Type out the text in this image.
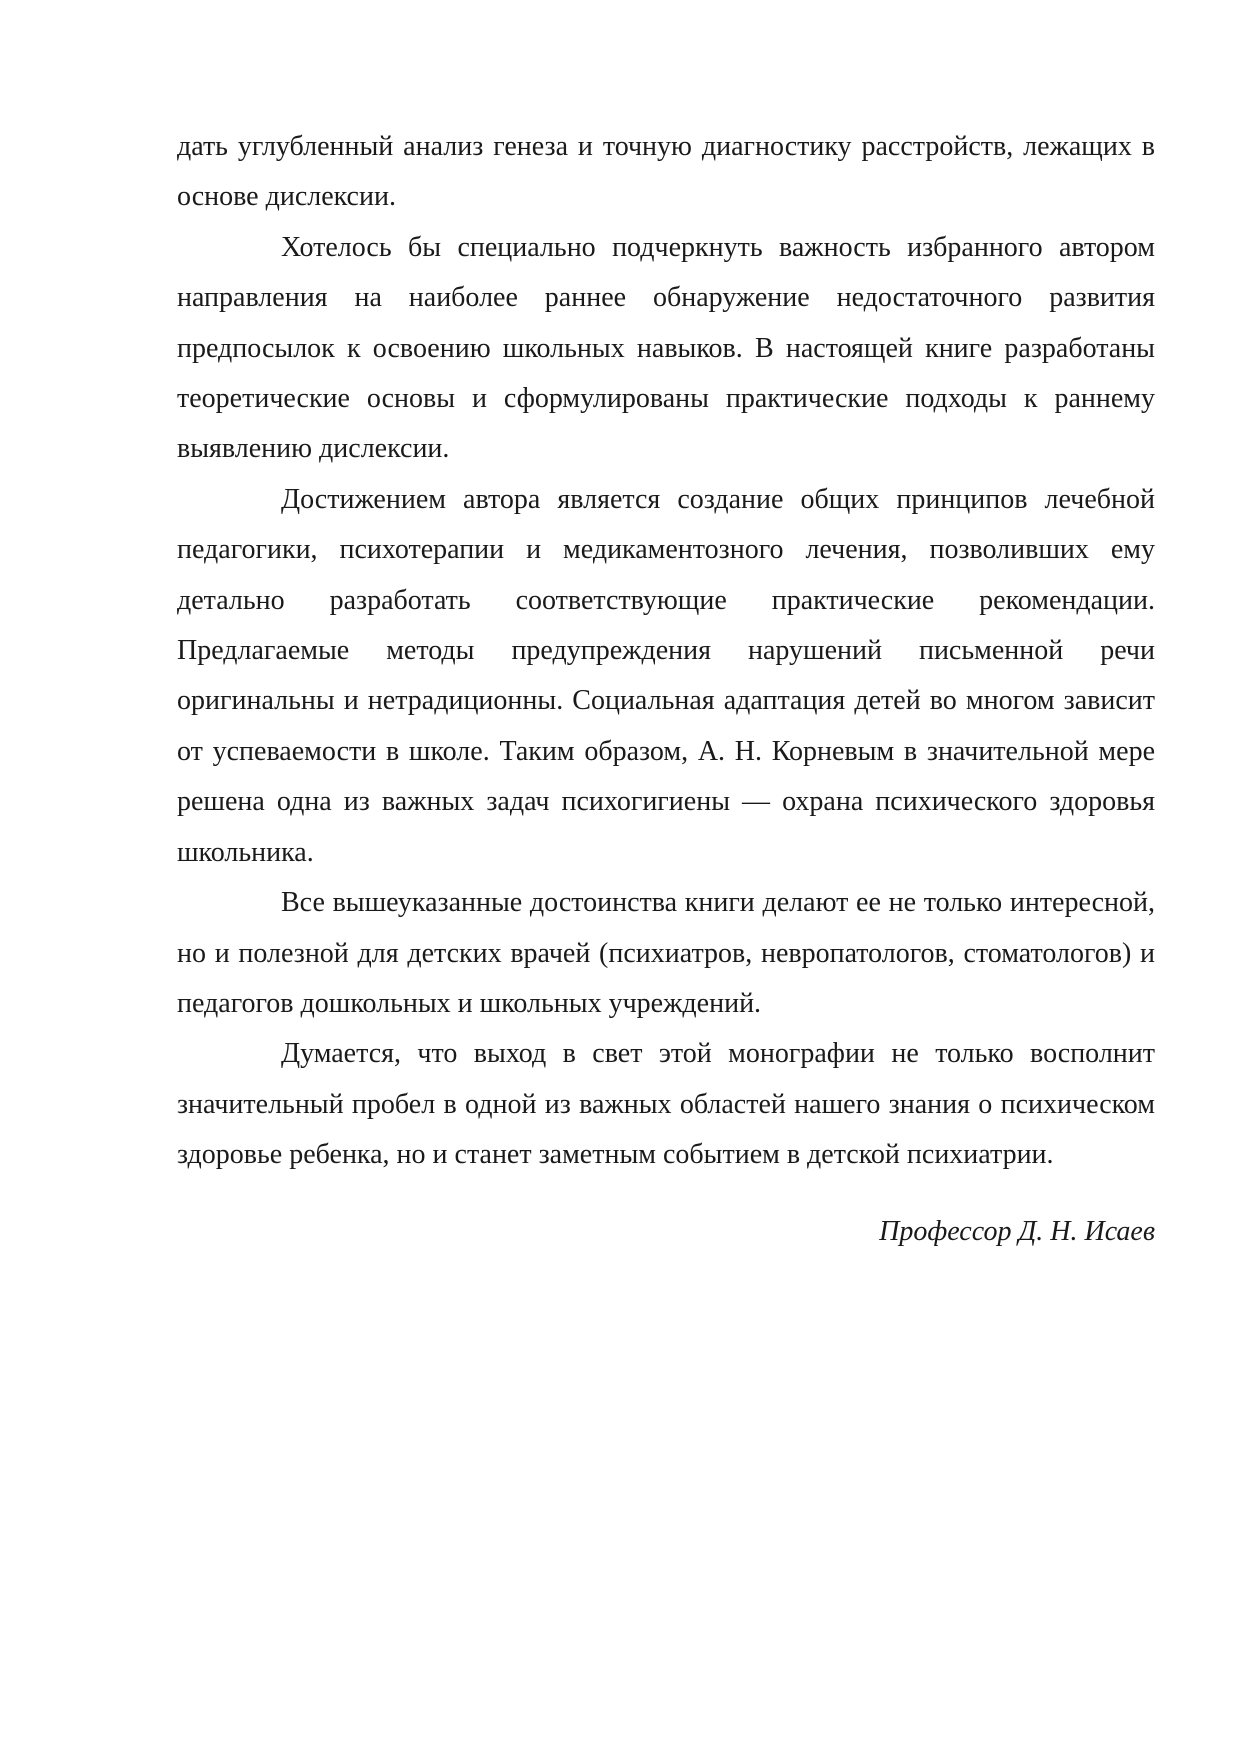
дать углубленный анализ генеза и точную диагностику расстройств, лежащих в основе дислексии.

Хотелось бы специально подчеркнуть важность избранного автором направления на наиболее раннее обнаружение недостаточного развития предпосылок к освоению школьных навыков. В настоящей книге разработаны теоретические основы и сформулированы практические подходы к раннему выявлению дислексии.

Достижением автора является создание общих принципов лечебной педагогики, психотерапии и медикаментозного лечения, позволивших ему детально разработать соответствующие практические рекомендации. Предлагаемые методы предупреждения нарушений письменной речи оригинальны и нетрадиционны. Социальная адаптация детей во многом зависит от успеваемости в школе. Таким образом, А. Н. Корневым в значительной мере решена одна из важных задач психогигиены — охрана психического здоровья школьника.

Все вышеуказанные достоинства книги делают ее не только интересной, но и полезной для детских врачей (психиатров, невропатологов, стоматологов) и педагогов дошкольных и школьных учреждений.

Думается, что выход в свет этой монографии не только восполнит значительный пробел в одной из важных областей нашего знания о психическом здоровье ребенка, но и станет заметным событием в детской психиатрии.

Профессор Д. Н. Исаев
